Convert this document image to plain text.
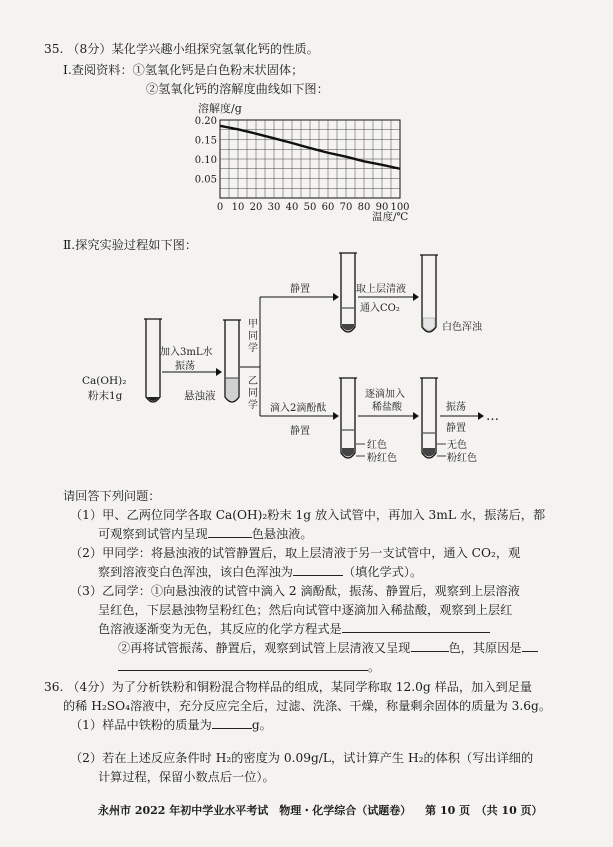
35. （8分）某化学兴趣小组探究氢氧化钙的性质。
Ⅰ.查阅资料：①氢氧化钙是白色粉末状固体；
②氢氧化钙的溶解度曲线如下图：
溶解度/g
0.05
0.10
0.15
0.20
0 10 20 30 40 50 60 70 80 90 100
温度/℃
Ⅱ.探究实验过程如下图：
Ca(OH)₂
粉末1g
加入3mL水
振荡
悬浊液
甲
同
学
乙
同
学
静置
滴入2滴酚酞
静置
取上层清液
通入CO₂
白色浑浊
红色
粉红色
逐滴加入
稀盐酸
无色
粉红色
振荡
静置
…
请回答下列问题：
（1）甲、乙两位同学各取 Ca(OH)₂粉末 1g 放入试管中，再加入 3mL 水，振荡后，都
可观察到试管内呈现	色悬浊液。
（2）甲同学：将悬浊液的试管静置后，取上层清液于另一支试管中，通入 CO₂，观
察到溶液变白色浑浊，该白色浑浊为	（填化学式）。
（3）乙同学：①向悬浊液的试管中滴入 2 滴酚酞，振荡、静置后，观察到上层溶液
呈红色，下层悬浊物呈粉红色；然后向试管中逐滴加入稀盐酸，观察到上层红
色溶液逐渐变为无色，其反应的化学方程式是
②再将试管振荡、静置后，观察到试管上层清液又呈现	色，其原因是
。
36. （4分）为了分析铁粉和铜粉混合物样品的组成，某同学称取 12.0g 样品，加入到足量
的稀 H₂SO₄溶液中，充分反应完全后，过滤、洗涤、干燥，称量剩余固体的质量为 3.6g。
（1）样品中铁粉的质量为	g。
（2）若在上述反应条件时 H₂的密度为 0.09g/L，试计算产生 H₂的体积（写出详细的
计算过程，保留小数点后一位）。
永州市 2022 年初中学业水平考试　物理・化学综合（试题卷） 第 10 页　（共 10 页）
